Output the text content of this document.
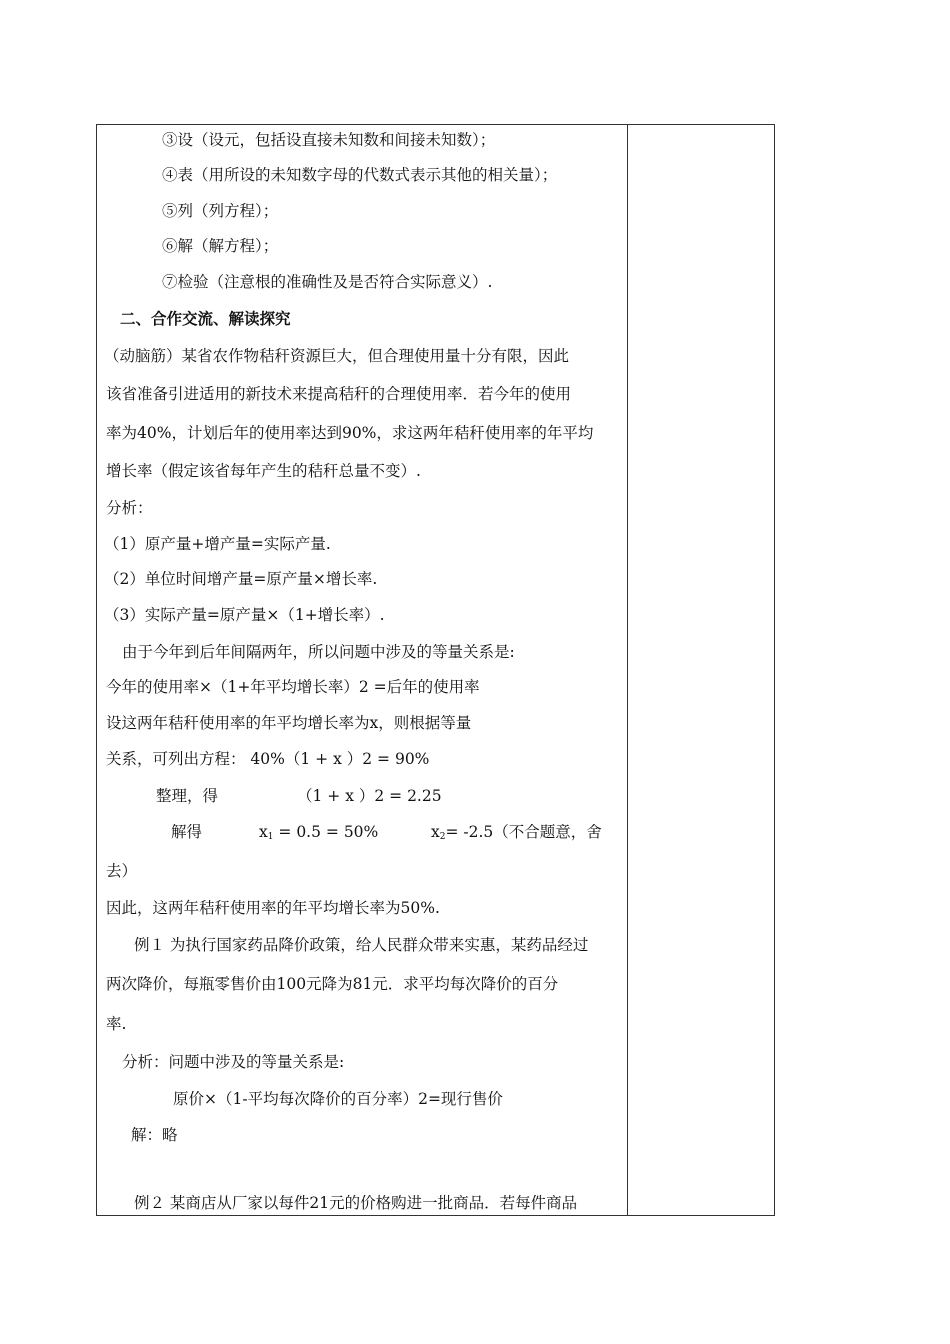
③设（设元，包括设直接未知数和间接未知数）；
④表（用所设的未知数字母的代数式表示其他的相关量）；
⑤列（列方程）；
⑥解（解方程）；
⑦检验（注意根的准确性及是否符合实际意义）.
二、合作交流、解读探究
（动脑筋）某省农作物秸秆资源巨大，但合理使用量十分有限，因此
该省准备引进适用的新技术来提高秸秆的合理使用率．若今年的使用
率为40%，计划后年的使用率达到90%，求这两年秸秆使用率的年平均
增长率（假定该省每年产生的秸秆总量不变）.
分析：
（1）原产量+增产量=实际产量.
（2）单位时间增产量=原产量×增长率.
（3）实际产量=原产量×（1+增长率）.
由于今年到后年间隔两年，所以问题中涉及的等量关系是:
今年的使用率×（1+年平均增长率）2 =后年的使用率
设这两年秸秆使用率的年平均增长率为x，则根据等量
关系，可列出方程： 40%（1 + x ）2 = 90%
整理，得	（1 + x ）2 = 2.25
解得	$x_1 = 0.5 = 50\%$	$x_2= -2.5$（不合题意，舍
去）
因此，这两年秸秆使用率的年平均增长率为50%.
例１ 为执行国家药品降价政策，给人民群众带来实惠，某药品经过
两次降价，每瓶零售价由100元降为81元．求平均每次降价的百分
率.
分析：问题中涉及的等量关系是:
原价×（1-平均每次降价的百分率）2=现行售价
解：略
例２ 某商店从厂家以每件21元的价格购进一批商品．若每件商品
